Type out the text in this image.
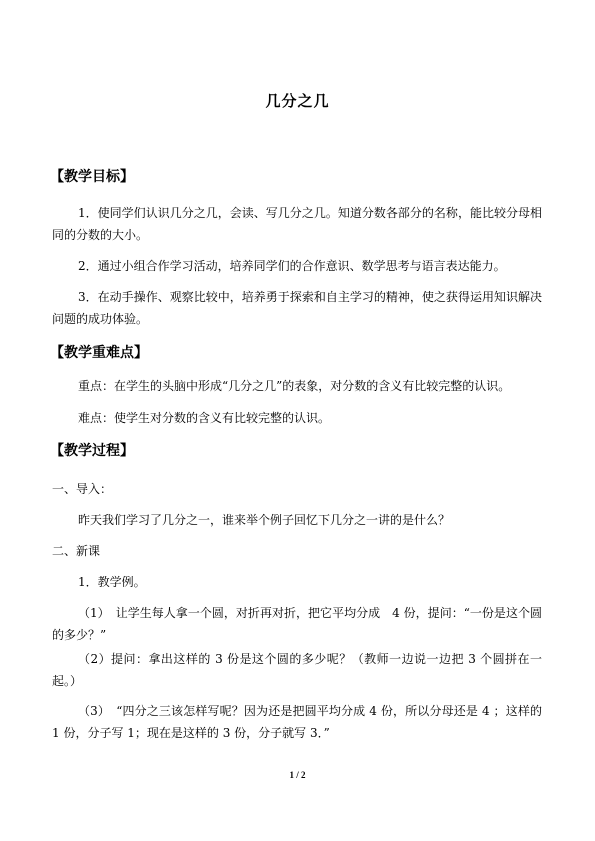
几分之几
【教学目标】
1．使同学们认识几分之几，会读、写几分之几。知道分数各部分的名称，能比较分母相同的分数的大小。
2．通过小组合作学习活动，培养同学们的合作意识、数学思考与语言表达能力。
3．在动手操作、观察比较中，培养勇于探索和自主学习的精神，使之获得运用知识解决问题的成功体验。
【教学重难点】
重点：在学生的头脑中形成“几分之几”的表象，对分数的含义有比较完整的认识。
难点：使学生对分数的含义有比较完整的认识。
【教学过程】
一、导入：
昨天我们学习了几分之一，谁来举个例子回忆下几分之一讲的是什么？
二、新课
1．教学例。
（1）　让学生每人拿一个圆，对折再对折，把它平均分成　4 份，提问：“一份是这个圆的多少？”
（2）提问：拿出这样的 3 份是这个圆的多少呢？（教师一边说一边把 3 个圆拼在一起。）
（3）　“四分之三该怎样写呢？因为还是把圆平均分成 4 份，所以分母还是 4 ；这样的 1 份，分子写 1；现在是这样的 3 份，分子就写 3．”
1 / 2
